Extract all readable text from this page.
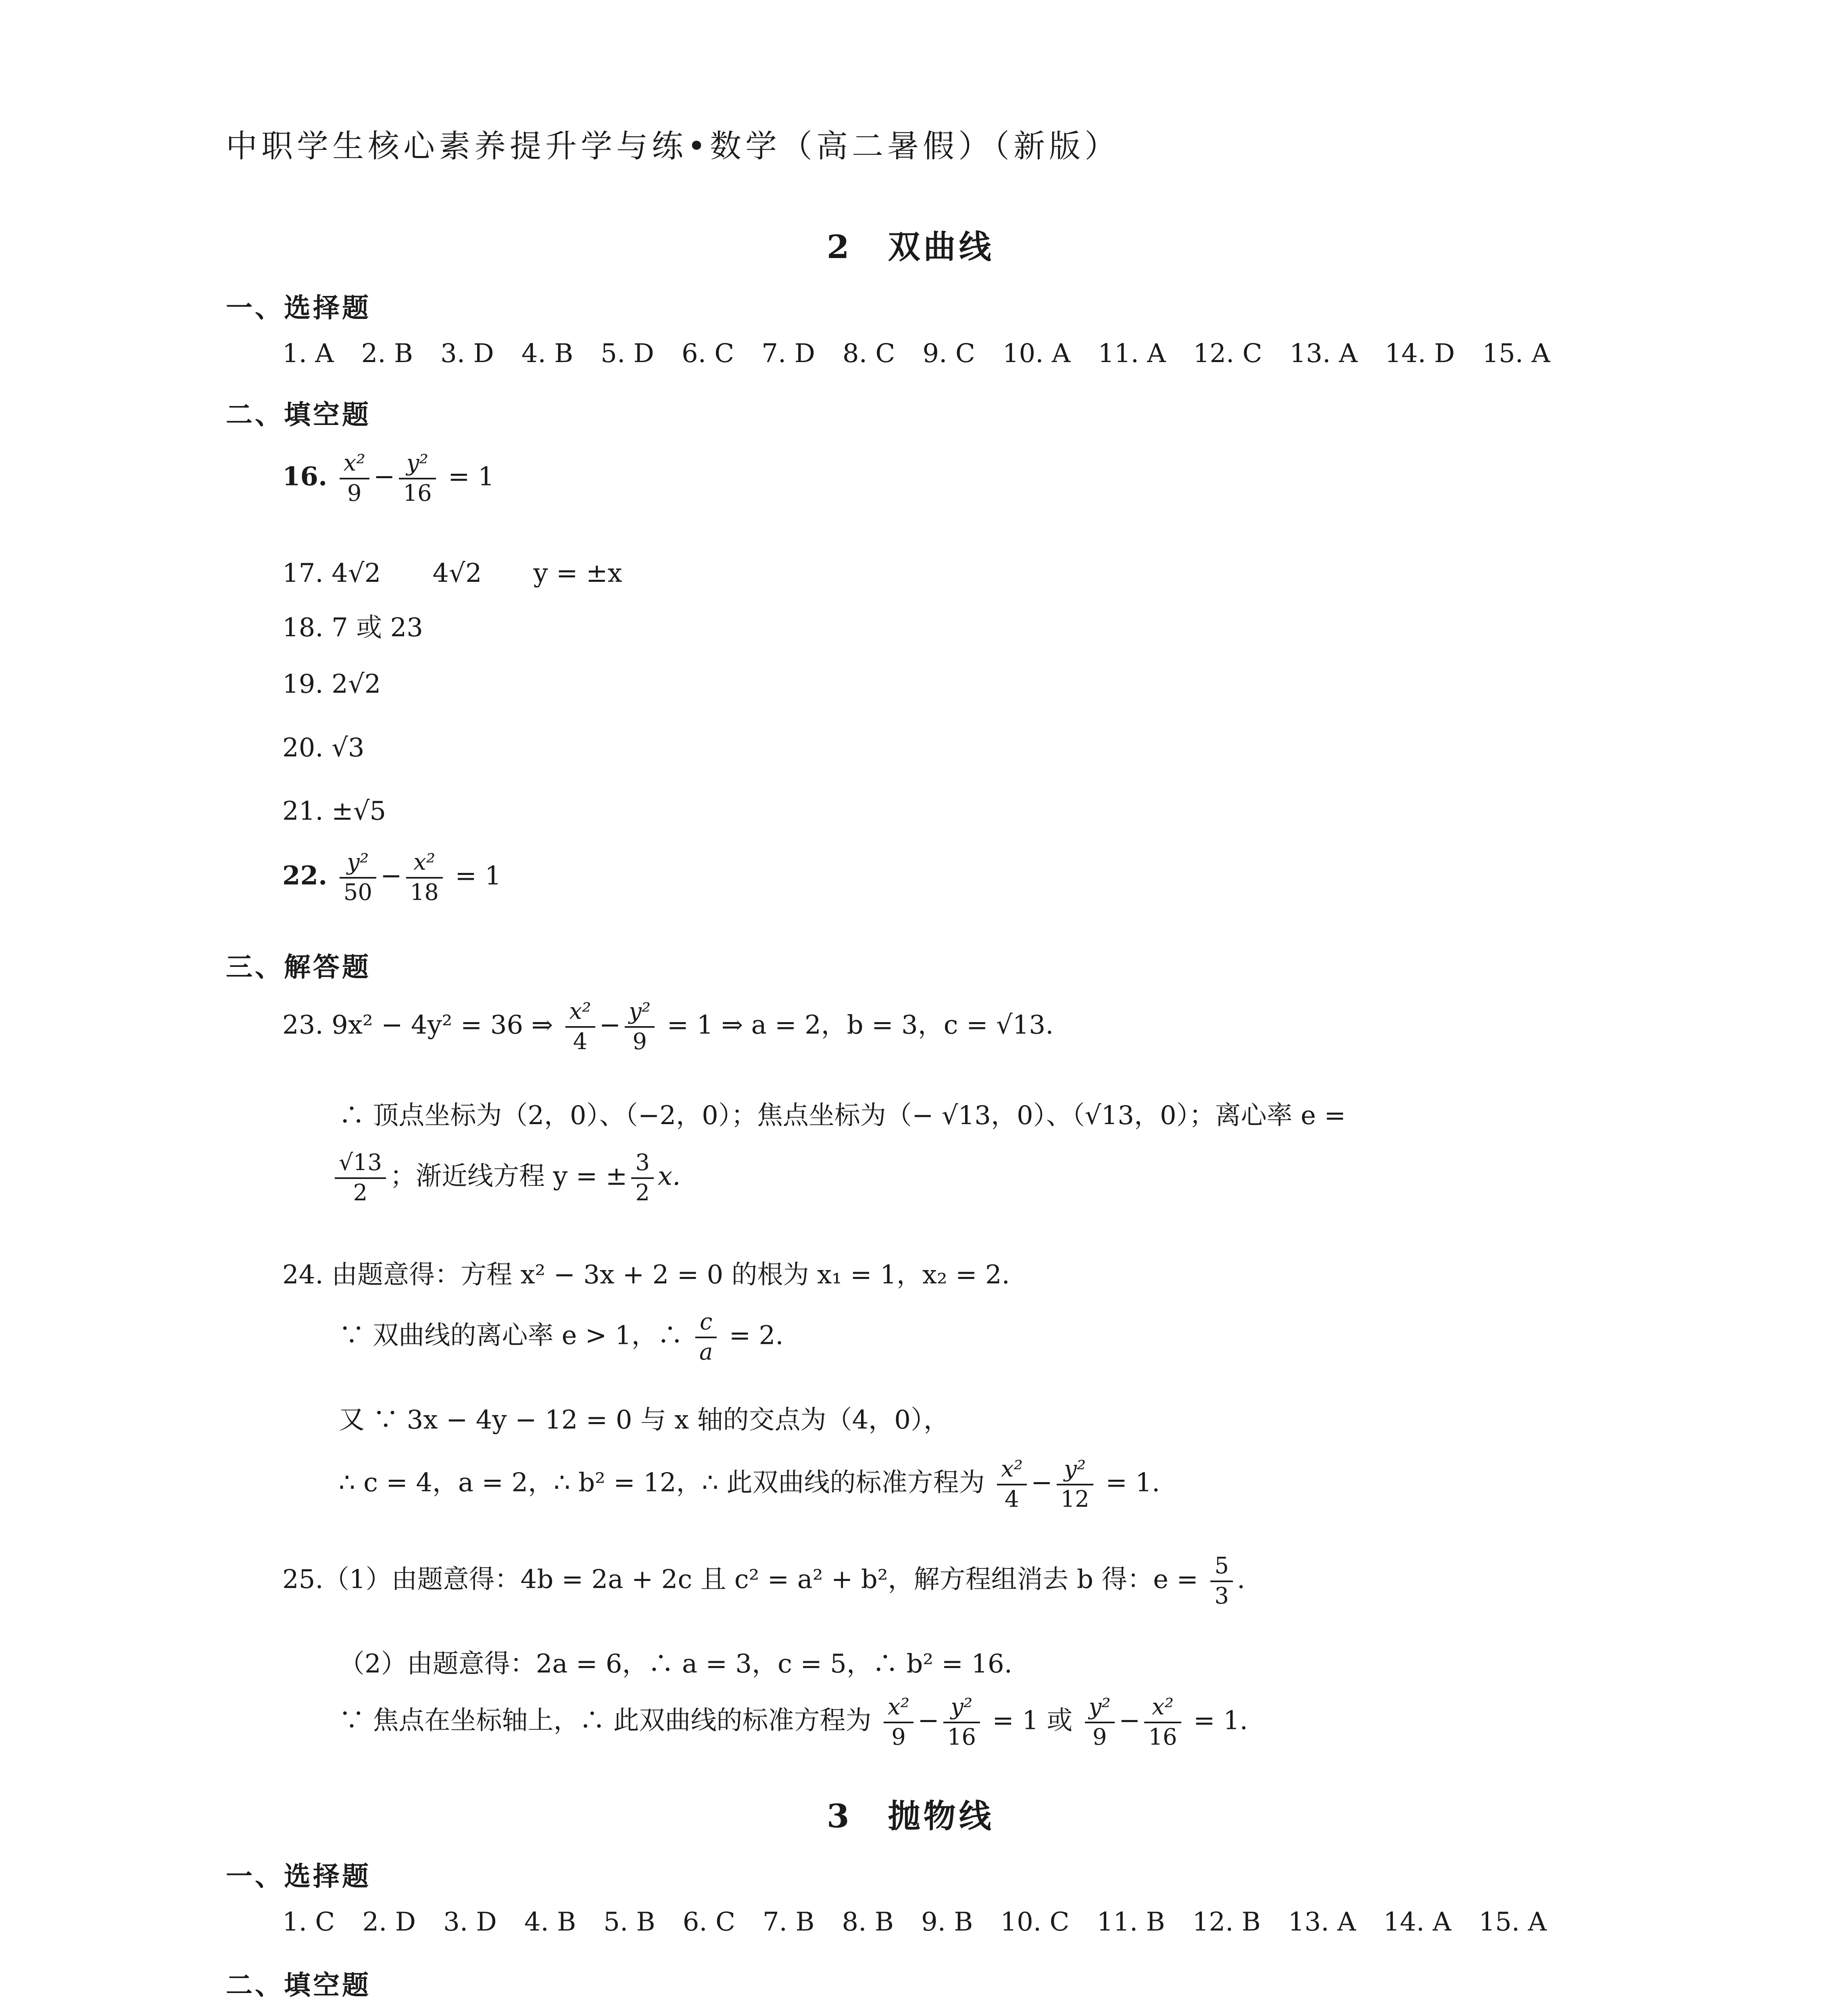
中职学生核心素养提升学与练•数学（高二暑假）（新版）
2　双曲线
一、选择题
1. A 2. B 3. D 4. B 5. D 6. C 7. D 8. C 9. C 10. A 11. A 12. C 13. A 14. D 15. A
二、填空题
16. $\frac{\text{x²}}{9} - \frac{\text{y²}}{16} = 1$
17. 4√2　　4√2　　y = ±x
18. 7 或 23
19. 2√2
20. √3
21. ±√5
22. $\frac{\text{y²}}{50} - \frac{\text{x²}}{18} = 1$
三、解答题
23. 9x² − 4y² = 36 ⇒ $\frac{\text{x²}}{4} - \frac{\text{y²}}{9} = 1$ ⇒ a = 2，b = 3，c = √13.
∴ 顶点坐标为（2，0）、（−2，0）；焦点坐标为（− √13，0）、（√13，0）；离心率 e =
$\frac{√13}{2}$ ；渐近线方程 y = ± $\frac{3}{2} x$.
24. 由题意得：方程 x² − 3x + 2 = 0 的根为 x₁ = 1，x₂ = 2.
∵ 双曲线的离心率 e > 1，∴ $\frac{c}{a} = 2$.
又 ∵ 3x − 4y − 12 = 0 与 x 轴的交点为（4，0），
∴ c = 4，a = 2，∴ b² = 12，∴ 此双曲线的标准方程为 $\frac{\text{x²}}{4} - \frac{\text{y²}}{12} = 1$.
25.（1）由题意得：4b = 2a + 2c 且 c² = a² + b²，解方程组消去 b 得：$e = \frac{5}{3}$ .
（2）由题意得：2a = 6，∴ a = 3，c = 5，∴ b² = 16.
∵ 焦点在坐标轴上，∴ 此双曲线的标准方程为 $\frac{\text{x²}}{9} - \frac{\text{y²}}{16} = 1$ 或 $\frac{\text{y²}}{9} - \frac{\text{x²}}{16} = 1$.
3　抛物线
一、选择题
1. C 2. D 3. D 4. B 5. B 6. C 7. B 8. B 9. B 10. C 11. B 12. B 13. A 14. A 15. A
二、填空题
